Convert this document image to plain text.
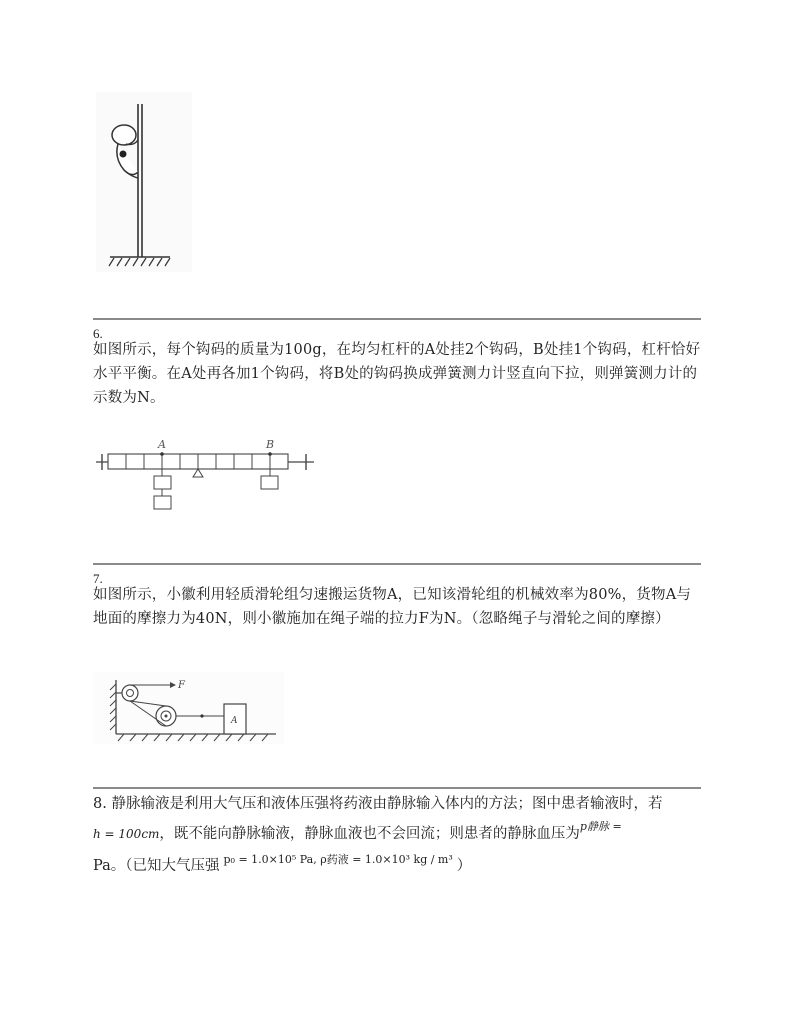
6.
如图所示，每个钩码的质量为100g，在均匀杠杆的A处挂2个钩码，B处挂1个钩码，杠杆恰好水平平衡。在A处再各加1个钩码，将B处的钩码换成弹簧测力计竖直向下拉，则弹簧测力计的示数为N。
A	B
7.
如图所示，小徽利用轻质滑轮组匀速搬运货物A，已知该滑轮组的机械效率为80%，货物A与地面的摩擦力为40N，则小徽施加在绳子端的拉力F为N。（忽略绳子与滑轮之间的摩擦）
F
A
8. 静脉输液是利用大气压和液体压强将药液由静脉输入体内的方法；图中患者输液时，若
h = 100cm，既不能向静脉输液，静脉血液也不会回流；则患者的静脉血压为$^{p静脉 =}$
Pa。（已知大气压强 $^{p_0 = 1.0\times 10^5 Pa, \rho 药液 = 1.0\times 10^3 kg / m^3}$ ）
